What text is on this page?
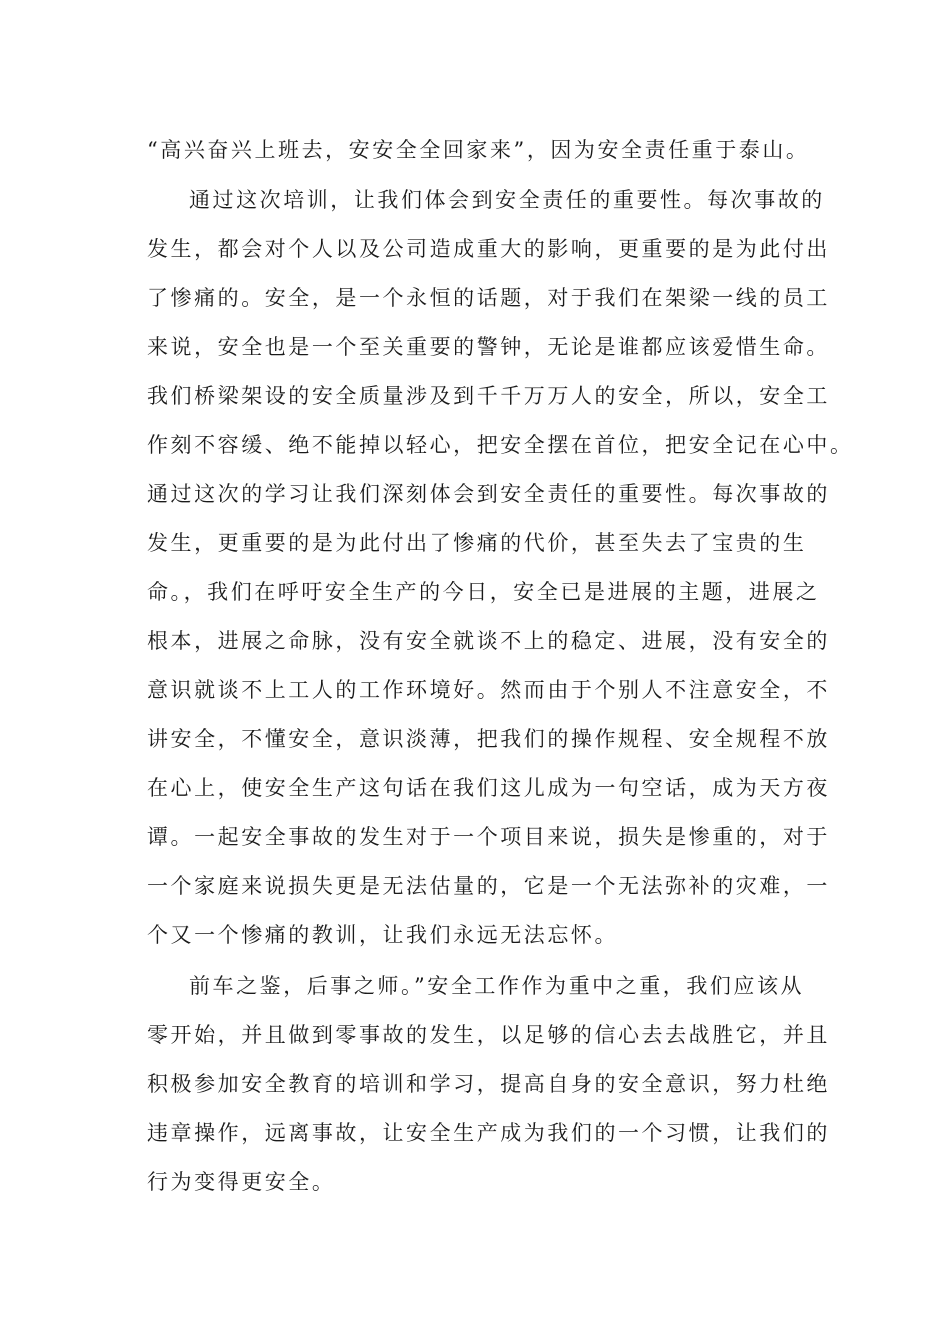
“高兴奋兴上班去，安安全全回家来”，因为安全责任重于泰山。
通过这次培训，让我们体会到安全责任的重要性。每次事故的
发生，都会对个人以及公司造成重大的影响，更重要的是为此付出
了惨痛的。安全，是一个永恒的话题，对于我们在架梁一线的员工
来说，安全也是一个至关重要的警钟，无论是谁都应该爱惜生命。
我们桥梁架设的安全质量涉及到千千万万人的安全，所以，安全工
作刻不容缓、绝不能掉以轻心，把安全摆在首位，把安全记在心中。
通过这次的学习让我们深刻体会到安全责任的重要性。每次事故的
发生，更重要的是为此付出了惨痛的代价，甚至失去了宝贵的生
命。，我们在呼吁安全生产的今日，安全已是进展的主题，进展之
根本，进展之命脉，没有安全就谈不上的稳定、进展，没有安全的
意识就谈不上工人的工作环境好。然而由于个别人不注意安全，不
讲安全，不懂安全，意识淡薄，把我们的操作规程、安全规程不放
在心上，使安全生产这句话在我们这儿成为一句空话，成为天方夜
谭。一起安全事故的发生对于一个项目来说，损失是惨重的，对于
一个家庭来说损失更是无法估量的，它是一个无法弥补的灾难，一
个又一个惨痛的教训，让我们永远无法忘怀。
前车之鉴，后事之师。”安全工作作为重中之重，我们应该从
零开始，并且做到零事故的发生，以足够的信心去去战胜它，并且
积极参加安全教育的培训和学习，提高自身的安全意识，努力杜绝
违章操作，远离事故，让安全生产成为我们的一个习惯，让我们的
行为变得更安全。
